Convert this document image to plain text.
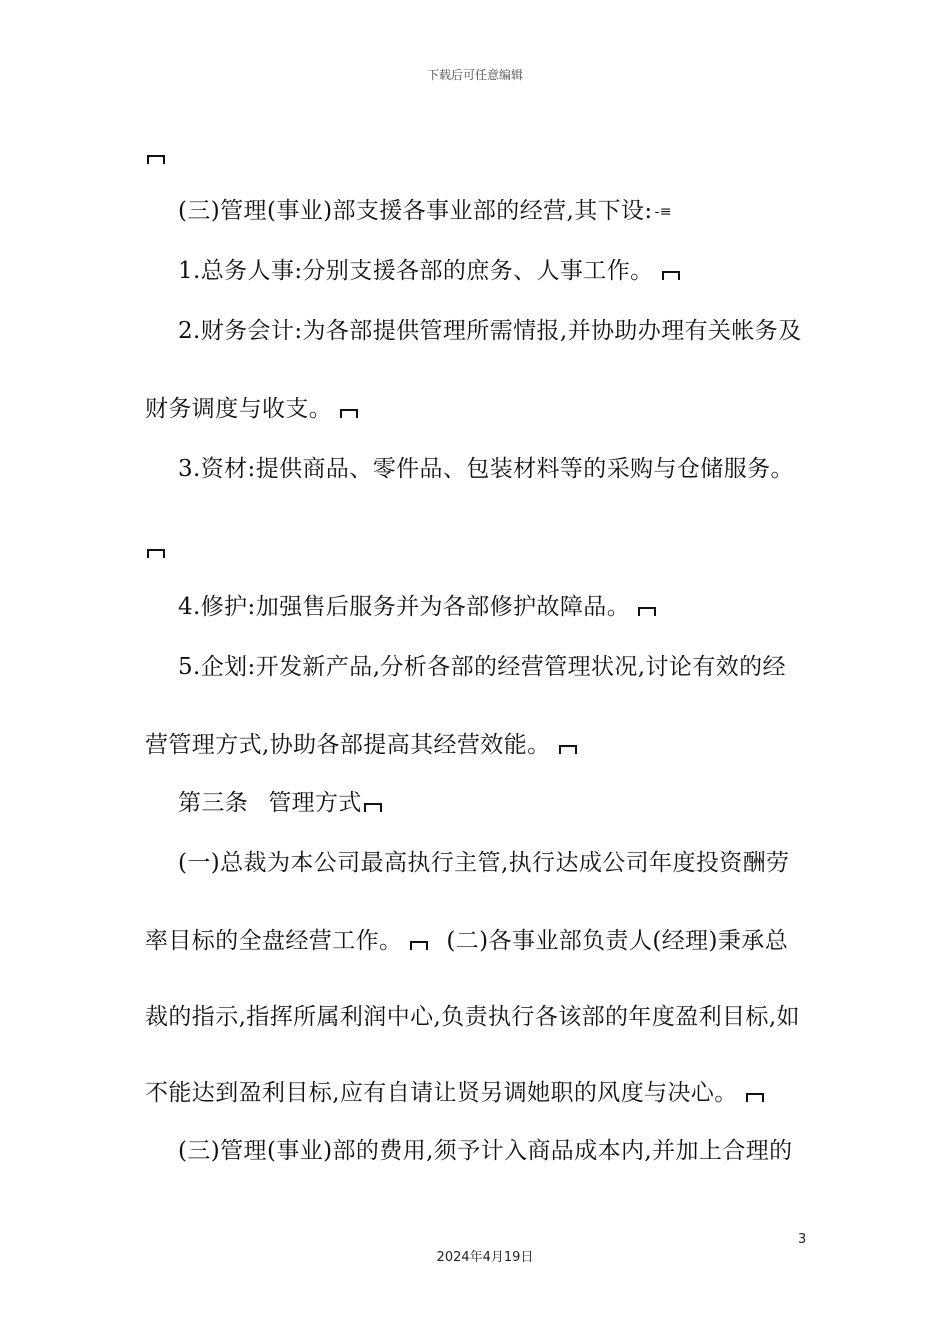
下载后可任意编辑
(三)管理(事业)部支援各事业部的经营,其下设: -≡
1.总务人事:分别支援各部的庶务、人事工作。
2.财务会计:为各部提供管理所需情报,并协助办理有关帐务及
财务调度与收支。
3.资材:提供商品、零件品、包装材料等的采购与仓储服务。
4.修护:加强售后服务并为各部修护故障品。
5.企划:开发新产品,分析各部的经营管理状况,讨论有效的经
营管理方式,协助各部提高其经营效能。
第三条 管理方式
(一)总裁为本公司最高执行主管,执行达成公司年度投资酬劳
率目标的全盘经营工作。 (二)各事业部负责人(经理)秉承总
裁的指示,指挥所属利润中心,负责执行各该部的年度盈利目标,如
不能达到盈利目标,应有自请让贤另调她职的风度与决心。
(三)管理(事业)部的费用,须予计入商品成本内,并加上合理的
3
2024年4月19日
